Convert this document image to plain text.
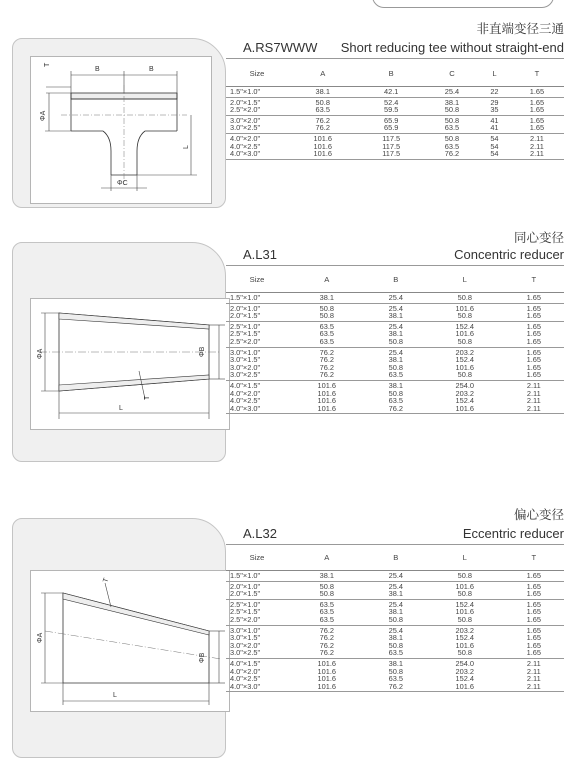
非直端变径三通
A.RS7WWW Short reducing tee without straight-end
B	B
T
ΦA
L
ΦC
Size	A	B	C	L	T
1.5"×1.0"	38.1	42.1	25.4	22	1.65
2.0"×1.5"	50.8	52.4	38.1	29	1.65
2.5"×2.0"	63.5	59.5	50.8	35	1.65
3.0"×2.0"	76.2	65.9	50.8	41	1.65
3.0"×2.5"	76.2	65.9	63.5	41	1.65
4.0"×2.0"	101.6	117.5	50.8	54	2.11
4.0"×2.5"	101.6	117.5	63.5	54	2.11
4.0"×3.0"	101.6	117.5	76.2	54	2.11
同心变径
A.L31	Concentric reducer
ΦA	ΦB
L
T
Size	A	B	L	T
1.5"×1.0"	38.1	25.4	50.8	1.65
2.0"×1.0"	50.8	25.4	101.6	1.65
2.0"×1.5"	50.8	38.1	50.8	1.65
2.5"×1.0"	63.5	25.4	152.4	1.65
2.5"×1.5"	63.5	38.1	101.6	1.65
2.5"×2.0"	63.5	50.8	50.8	1.65
3.0"×1.0"	76.2	25.4	203.2	1.65
3.0"×1.5"	76.2	38.1	152.4	1.65
3.0"×2.0"	76.2	50.8	101.6	1.65
3.0"×2.5"	76.2	63.5	50.8	1.65
4.0"×1.5"	101.6	38.1	254.0	2.11
4.0"×2.0"	101.6	50.8	203.2	2.11
4.0"×2.5"	101.6	63.5	152.4	2.11
4.0"×3.0"	101.6	76.2	101.6	2.11
偏心变径
A.L32	Eccentric reducer
T
ΦA
ΦB
L
Size	A	B	L	T
1.5"×1.0"	38.1	25.4	50.8	1.65
2.0"×1.0"	50.8	25.4	101.6	1.65
2.0"×1.5"	50.8	38.1	50.8	1.65
2.5"×1.0"	63.5	25.4	152.4	1.65
2.5"×1.5"	63.5	38.1	101.6	1.65
2.5"×2.0"	63.5	50.8	50.8	1.65
3.0"×1.0"	76.2	25.4	203.2	1.65
3.0"×1.5"	76.2	38.1	152.4	1.65
3.0"×2.0"	76.2	50.8	101.6	1.65
3.0"×2.5"	76.2	63.5	50.8	1.65
4.0"×1.5"	101.6	38.1	254.0	2.11
4.0"×2.0"	101.6	50.8	203.2	2.11
4.0"×2.5"	101.6	63.5	152.4	2.11
4.0"×3.0"	101.6	76.2	101.6	2.11
